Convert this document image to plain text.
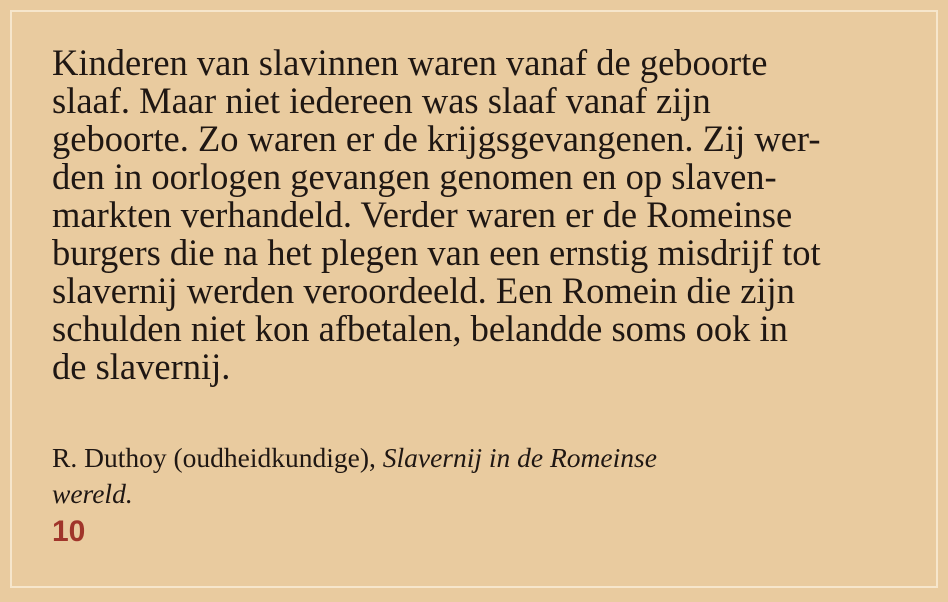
Kinderen van slavinnen waren vanaf de geboorte
slaaf. Maar niet iedereen was slaaf vanaf zijn
geboorte. Zo waren er de krijgsgevangenen. Zij wer-
den in oorlogen gevangen genomen en op slaven-
markten verhandeld. Verder waren er de Romeinse
burgers die na het plegen van een ernstig misdrijf tot
slavernij werden veroordeeld. Een Romein die zijn
schulden niet kon afbetalen, belandde soms ook in
de slavernij.

R. Duthoy (oudheidkundige), Slavernij in de Romeinse
wereld.
10
